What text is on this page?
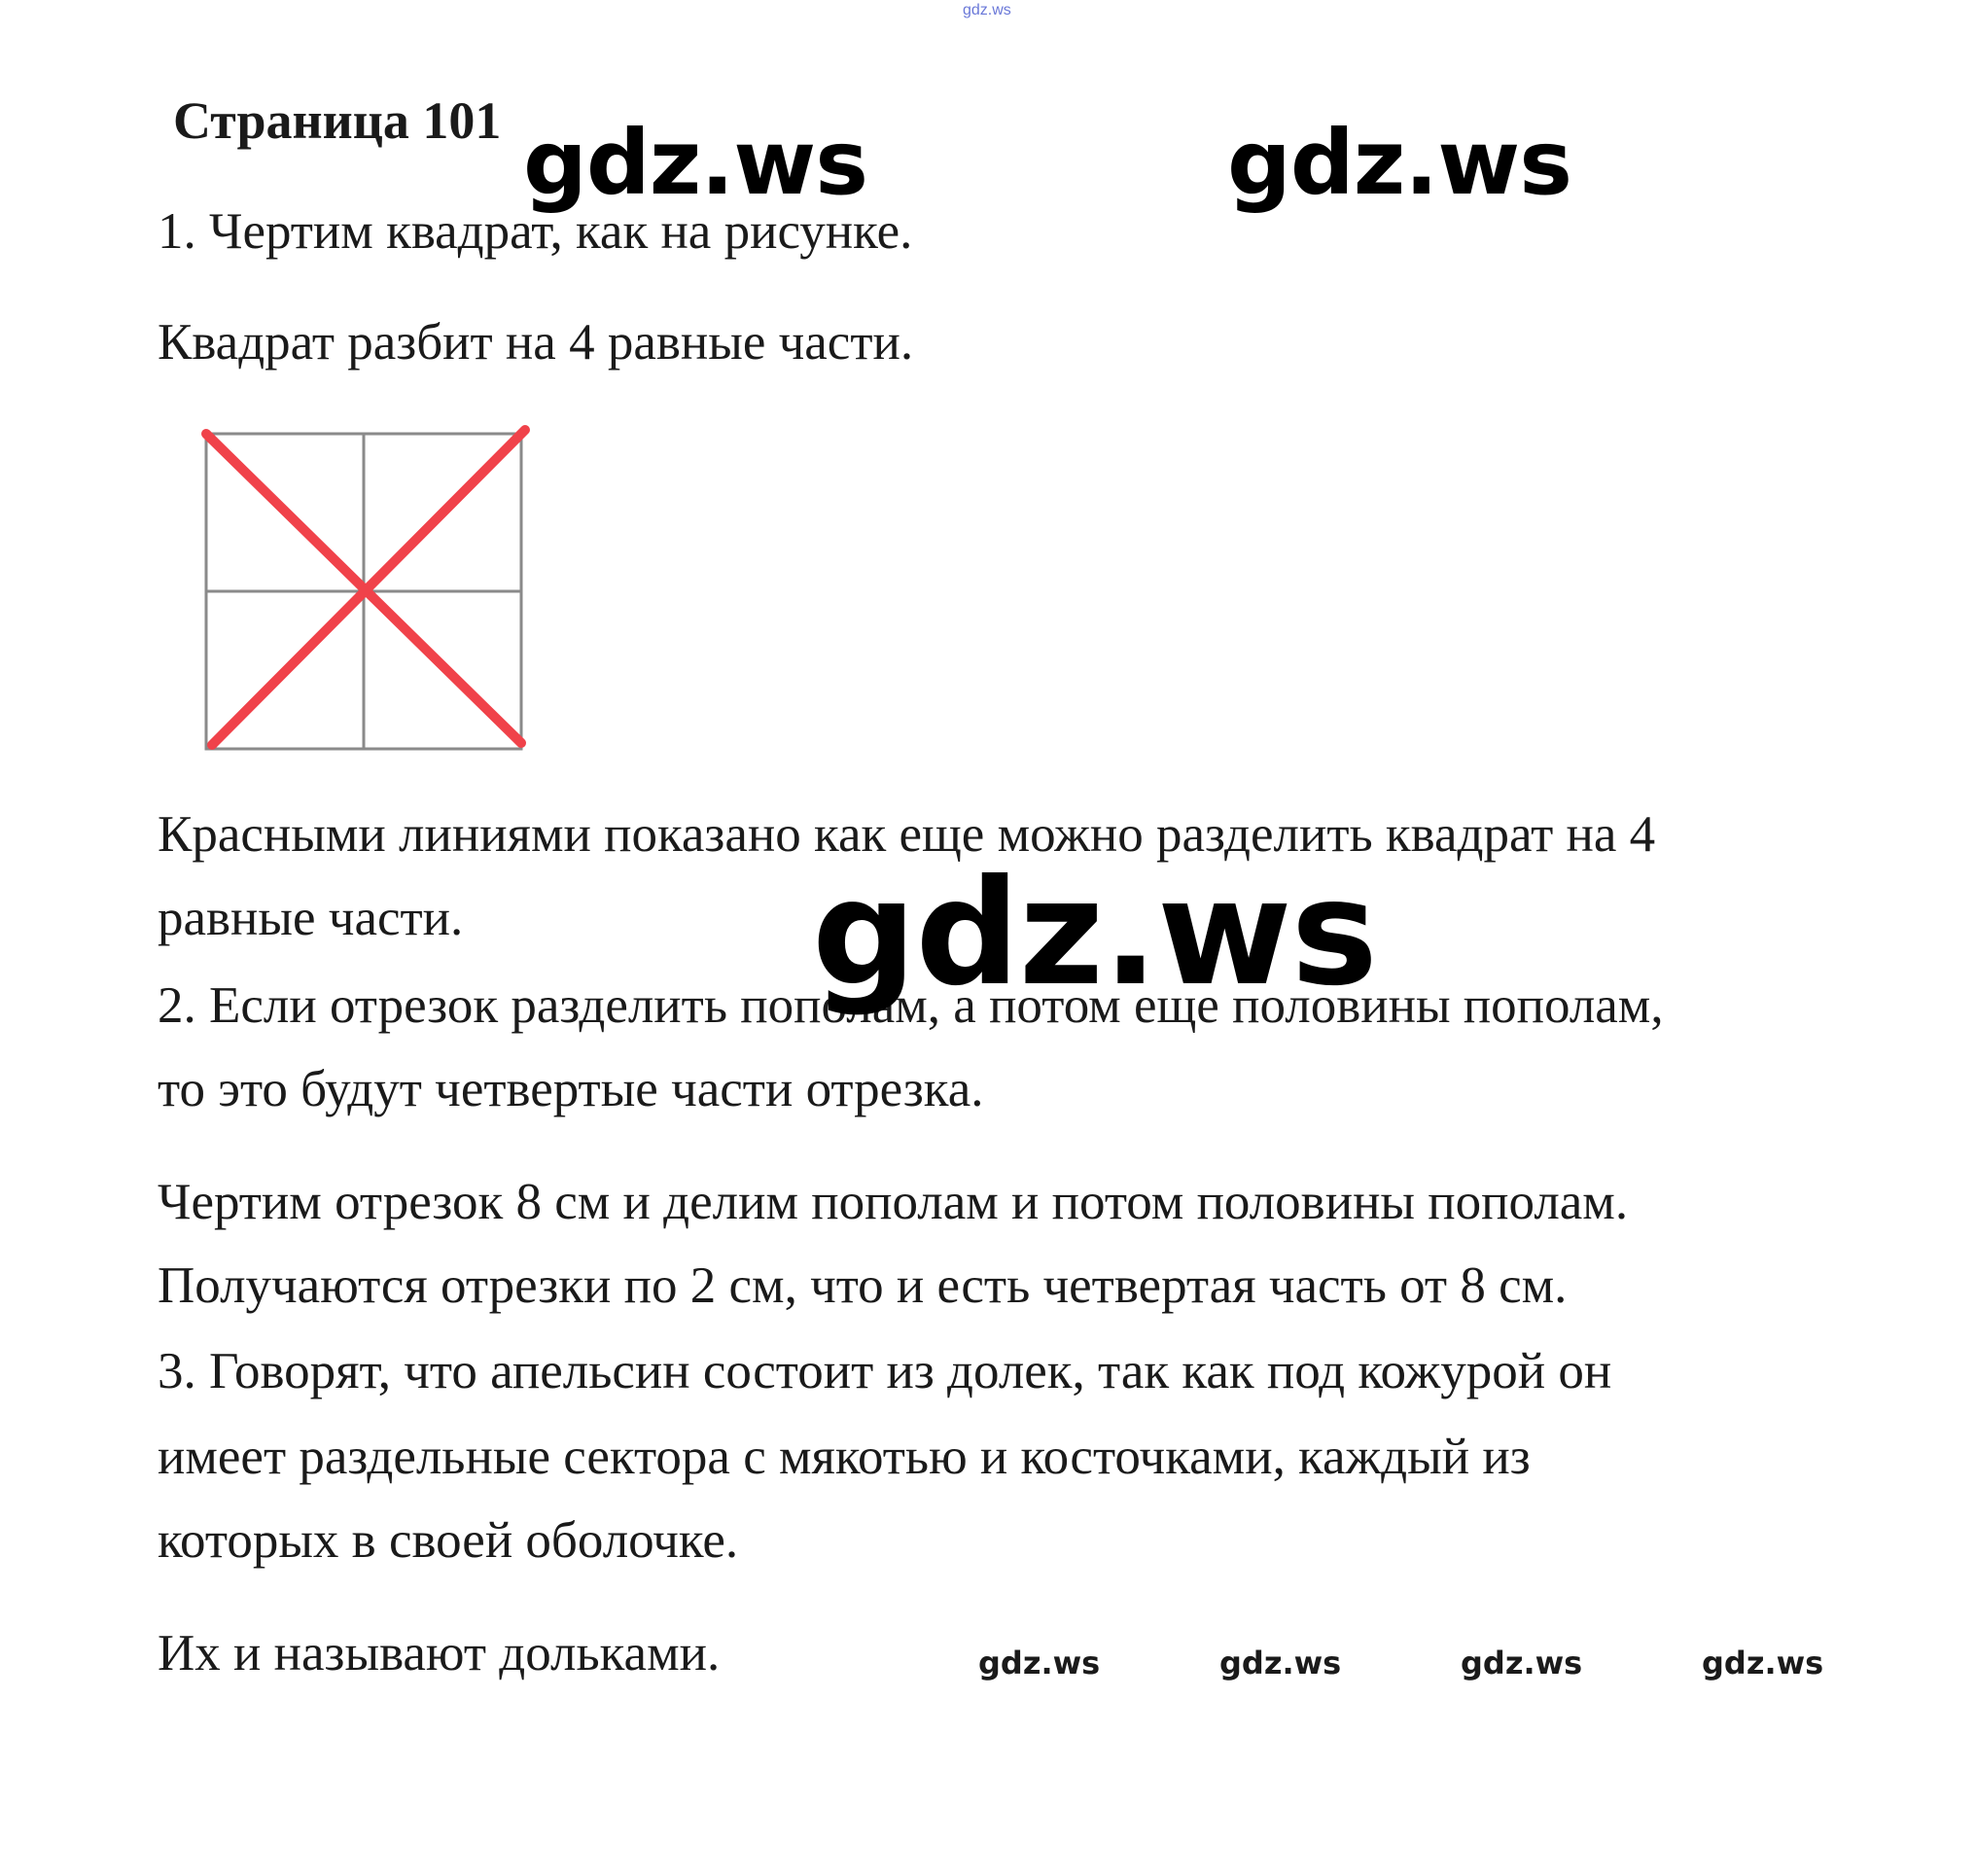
gdz.ws
Страница 101 gdz.ws	gdz.ws
1. Чертим квадрат, как на рисунке.
Квадрат разбит на 4 равные части.
Красными линиями показано как еще можно разделить квадрат на 4
равные части.
2. Если отрезок разделить пополам, а потом еще половины пополам,
то это будут четвертые части отрезка.
Чертим отрезок 8 см и делим пополам и потом половины пополам.
Получаются отрезки по 2 см, что и есть четвертая часть от 8 см.
3. Говорят, что апельсин состоит из долек, так как под кожурой он
имеет раздельные сектора с мякотью и косточками, каждый из
которых в своей оболочке.
Их и называют дольками.
gdz.ws
gdz.ws	gdz.ws	gdz.ws	gdz.ws
